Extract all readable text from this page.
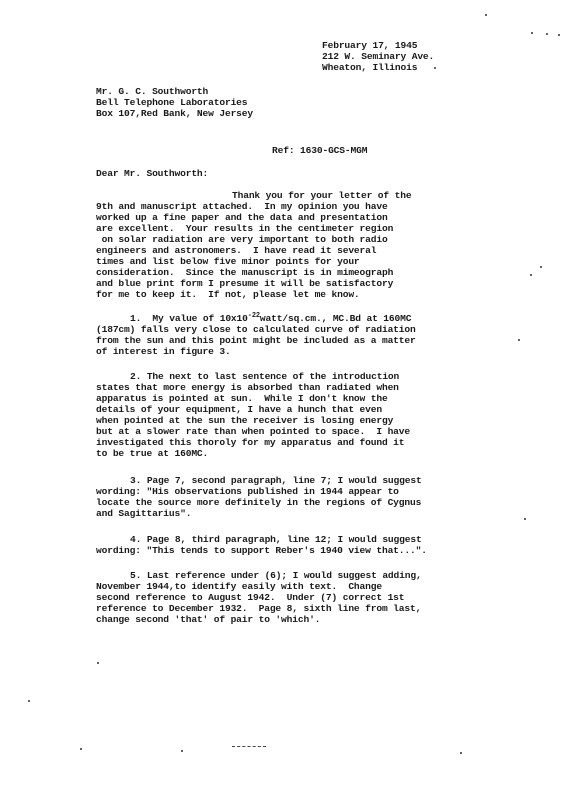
February 17, 1945
212 W. Seminary Ave.
Wheaton, Illinois
Mr. G. C. Southworth
Bell Telephone Laboratories
Box 107,Red Bank, New Jersey
Ref: 1630-GCS-MGM
Dear Mr. Southworth:
Thank you for your letter of the
9th and manuscript attached.  In my opinion you have
worked up a fine paper and the data and presentation
are excellent.  Your results in the centimeter region
on solar radiation are very important to both radio
engineers and astronomers.  I have read it several
times and list below five minor points for your
consideration.  Since the manuscript is in mimeograph
and blue print form I presume it will be satisfactory
for me to keep it.  If not, please let me know.
1.  My value of $10x10^{-22}watt/sq.cm$., MC.Bd at 160MC
(187cm) falls very close to calculated curve of radiation
from the sun and this point might be included as a matter
of interest in figure 3.
2. The next to last sentence of the introduction
states that more energy is absorbed than radiated when
apparatus is pointed at sun.  While I don't know the
details of your equipment, I have a hunch that even
when pointed at the sun the receiver is losing energy
but at a slower rate than when pointed to space.  I have
investigated this thoroly for my apparatus and found it
to be true at 160MC.
3. Page 7, second paragraph, line 7; I would suggest
wording: "His observations published in 1944 appear to
locate the source more definitely in the regions of Cygnus
and Sagittarius".
4. Page 8, third paragraph, line 12; I would suggest
wording: "This tends to support Reber's 1940 view that...".
5. Last reference under (6); I would suggest adding,
November 1944,to identify easily with text.  Change
second reference to August 1942.  Under (7) correct 1st
reference to December 1932.  Page 8, sixth line from last,
change second 'that' of pair to 'which'.
